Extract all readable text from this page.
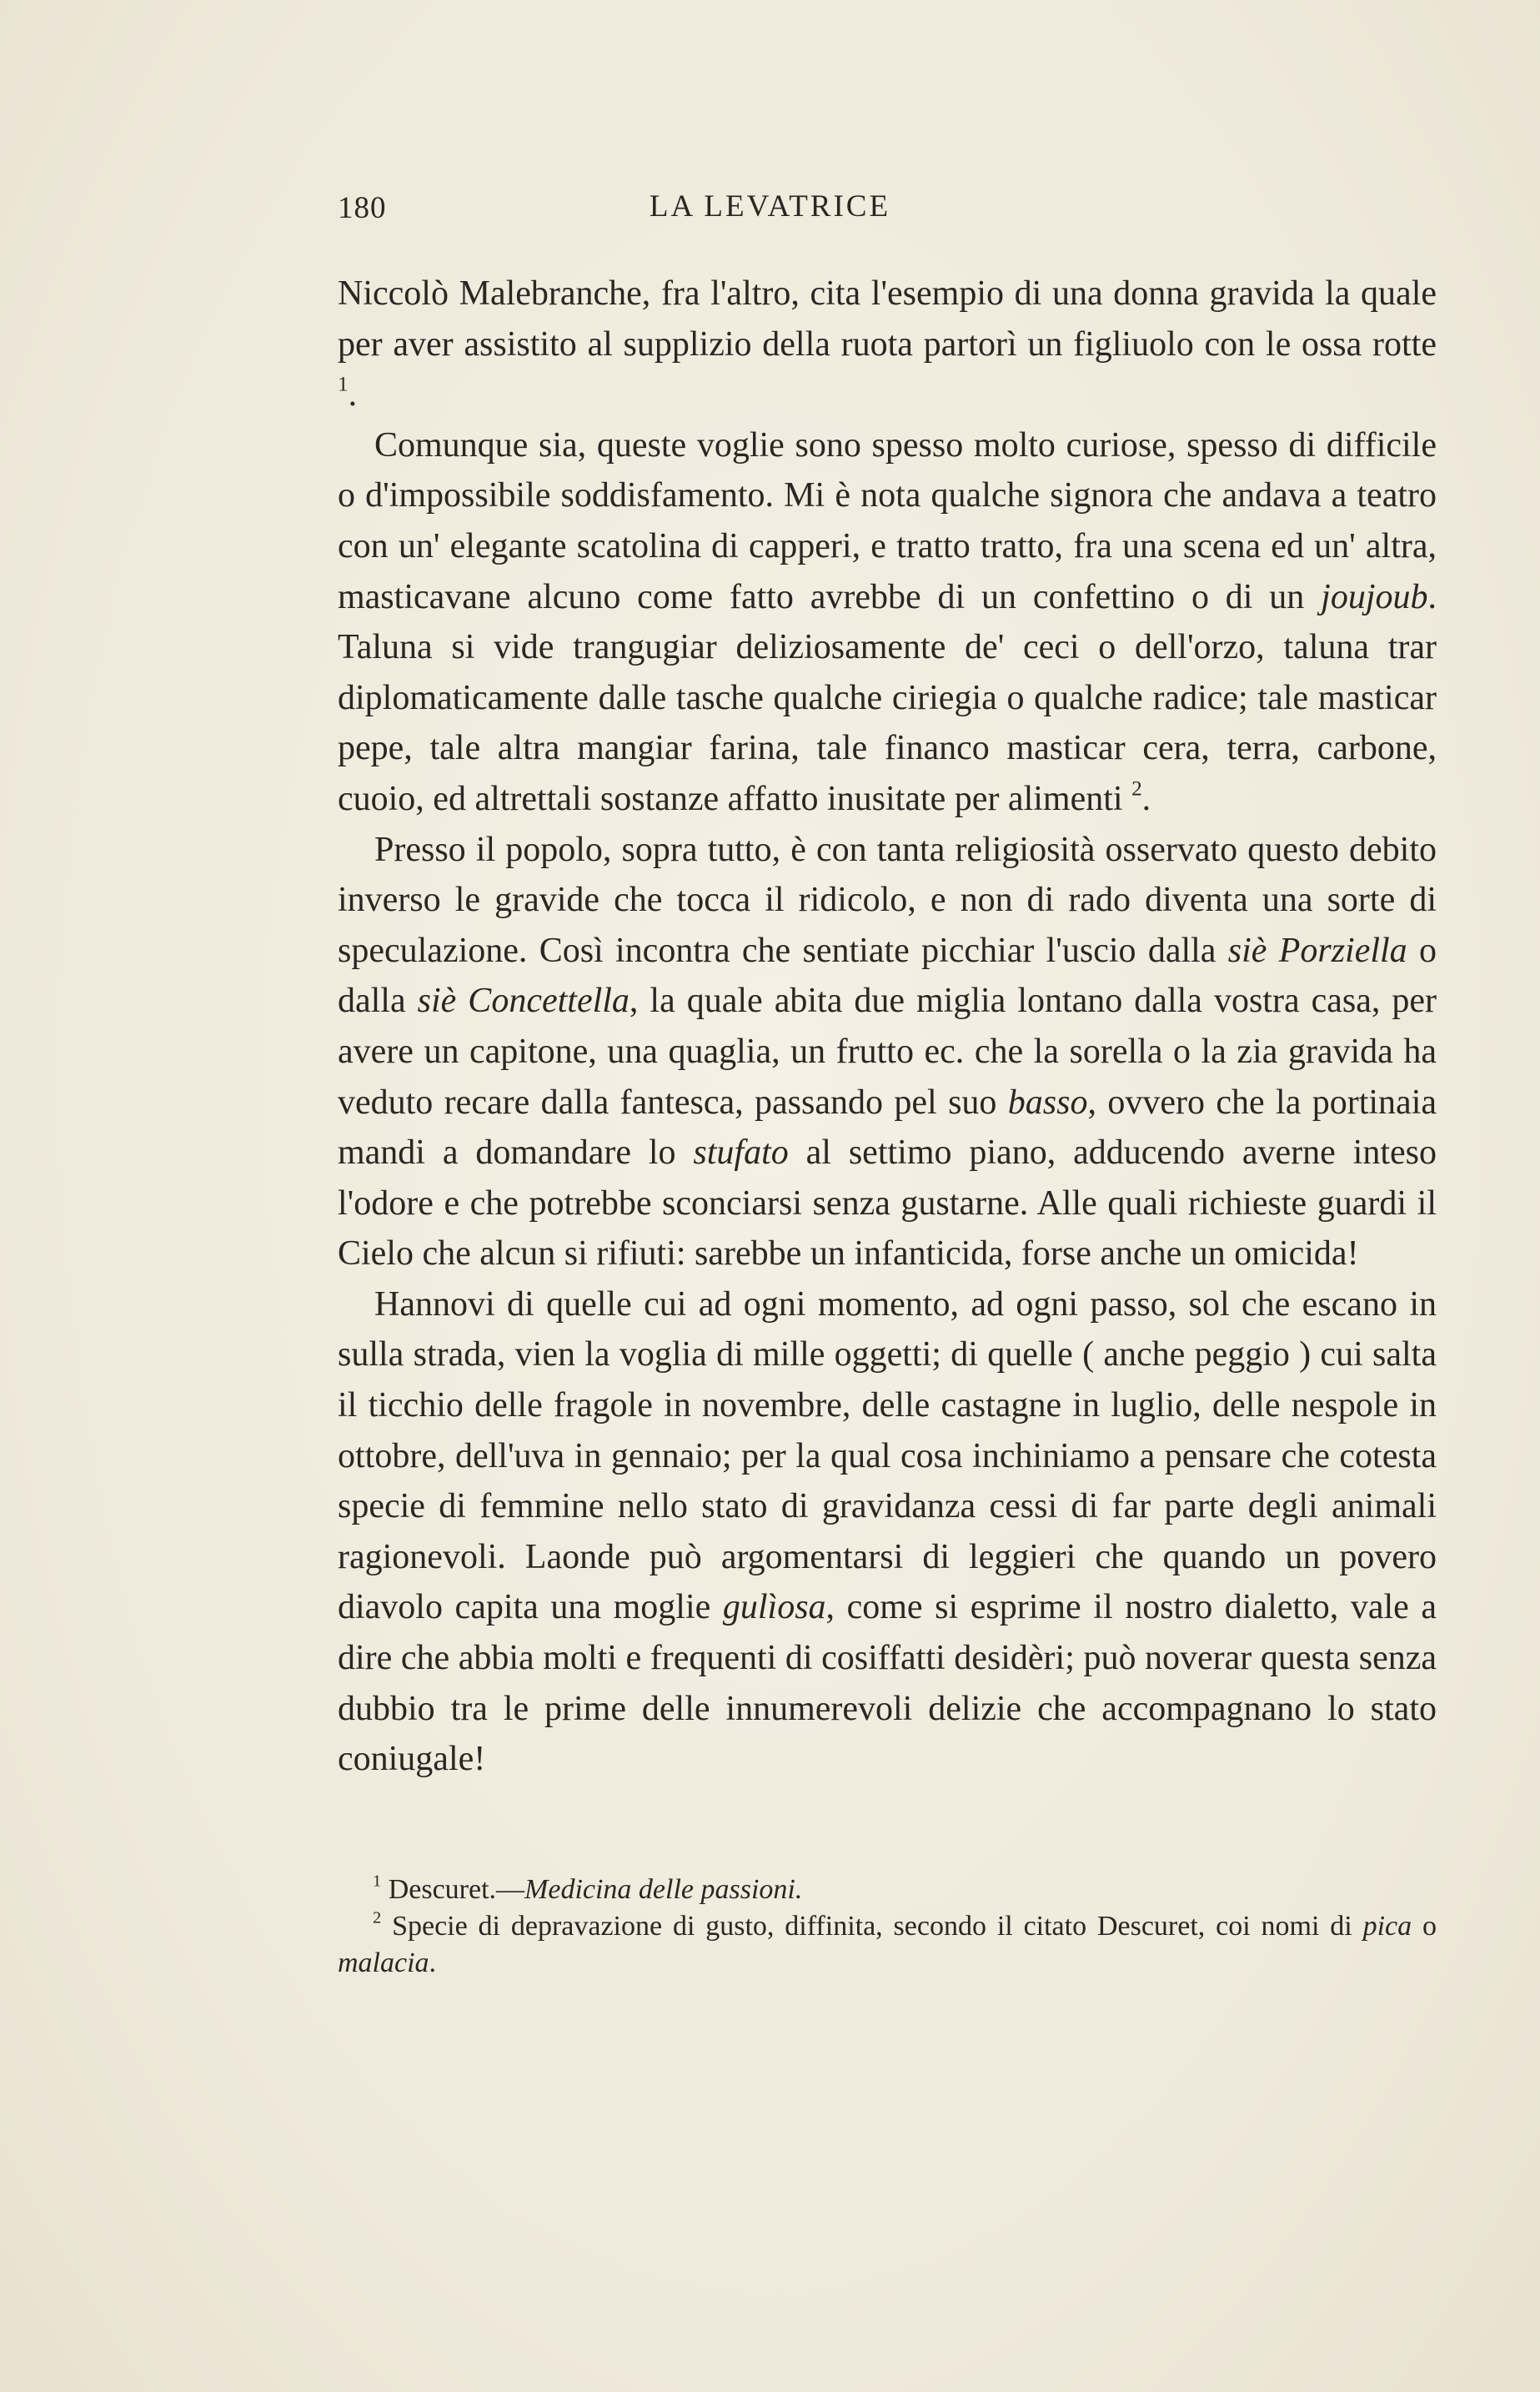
180	LA LEVATRICE

Niccolò Malebranche, fra l'altro, cita l'esempio di una donna gravida la quale per aver assistito al supplizio della ruota partorì un figliuolo con le ossa rotte $^1$.

Comunque sia, queste voglie sono spesso molto curiose, spesso di difficile o d'impossibile soddisfamento. Mi è nota qualche signora che andava a teatro con un' elegante scatolina di capperi, e tratto tratto, fra una scena ed un' altra, masticavane alcuno come fatto avrebbe di un confettino o di un joujoub. Taluna si vide trangugiar deliziosamente de' ceci o dell'orzo, taluna trar diplomaticamente dalle tasche qualche ciriegia o qualche radice; tale masticar pepe, tale altra mangiar farina, tale financo masticar cera, terra, carbone, cuoio, ed altrettali sostanze affatto inusitate per alimenti $^2$.

Presso il popolo, sopra tutto, è con tanta religiosità osservato questo debito inverso le gravide che tocca il ridicolo, e non di rado diventa una sorte di speculazione. Così incontra che sentiate picchiar l'uscio dalla siè Porziella o dalla siè Concettella, la quale abita due miglia lontano dalla vostra casa, per avere un capitone, una quaglia, un frutto ec. che la sorella o la zia gravida ha veduto recare dalla fantesca, passando pel suo basso, ovvero che la portinaia mandi a domandare lo stufato al settimo piano, adducendo averne inteso l'odore e che potrebbe sconciarsi senza gustarne. Alle quali richieste guardi il Cielo che alcun si rifiuti: sarebbe un infanticida, forse anche un omicida!

Hannovi di quelle cui ad ogni momento, ad ogni passo, sol che escano in sulla strada, vien la voglia di mille oggetti; di quelle ( anche peggio ) cui salta il ticchio delle fragole in novembre, delle castagne in luglio, delle nespole in ottobre, dell'uva in gennaio; per la qual cosa inchiniamo a pensare che cotesta specie di femmine nello stato di gravidanza cessi di far parte degli animali ragionevoli. Laonde può argomentarsi di leggieri che quando un povero diavolo capita una moglie gulìosa, come si esprime il nostro dialetto, vale a dire che abbia molti e frequenti di cosiffatti desidèri; può noverar questa senza dubbio tra le prime delle innumerevoli delizie che accompagnano lo stato coniugale!

$^1$ Descuret.—Medicina delle passioni.

$^2$ Specie di depravazione di gusto, diffinita, secondo il citato Descuret, coi nomi di pica o malacia.
